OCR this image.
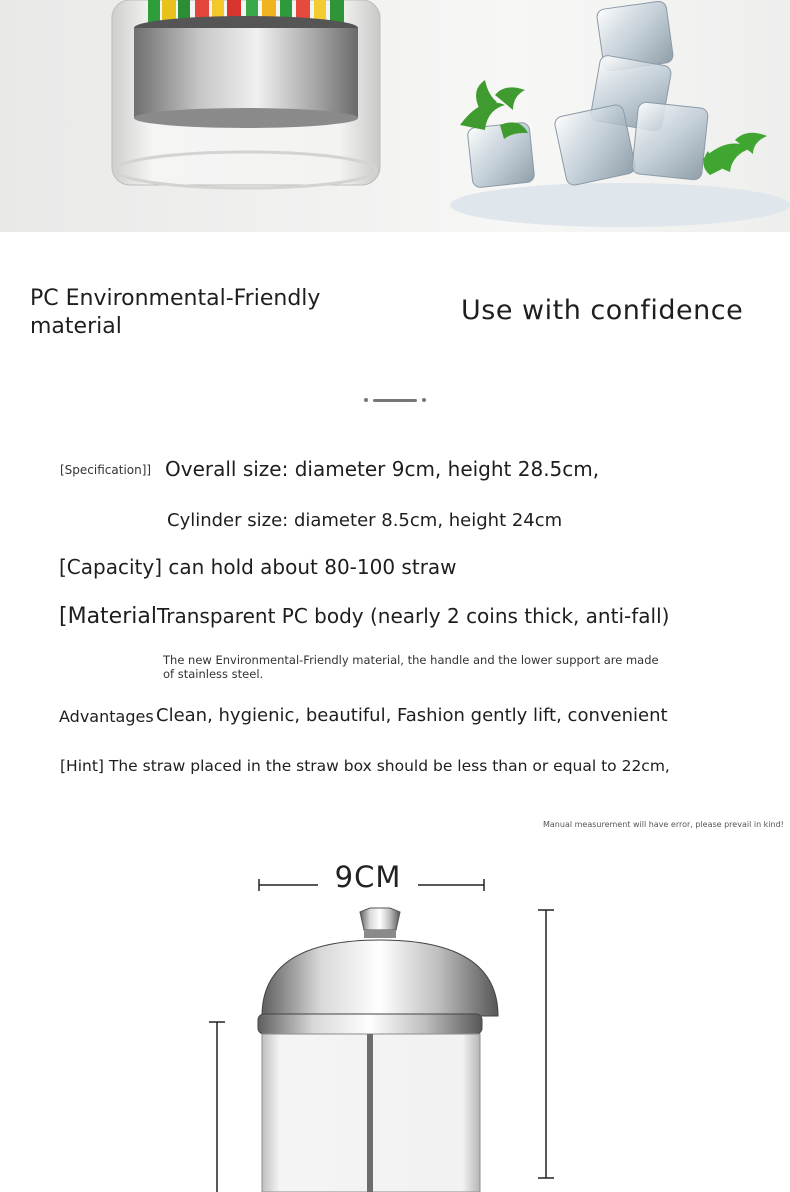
PC Environmental-Friendly material
Use with confidence
[Specification]] Overall size: diameter 9cm, height 28.5cm,
Cylinder size: diameter 8.5cm, height 24cm
[Capacity] can hold about 80-100 straw
[Material Transparent PC body (nearly 2 coins thick, anti-fall)
The new Environmental-Friendly material, the handle and the lower support are made of stainless steel.
Advantages Clean, hygienic, beautiful, Fashion gently lift, convenient
[Hint] The straw placed in the straw box should be less than or equal to 22cm,
Manual measurement will have error, please prevail in kind!
9CM
